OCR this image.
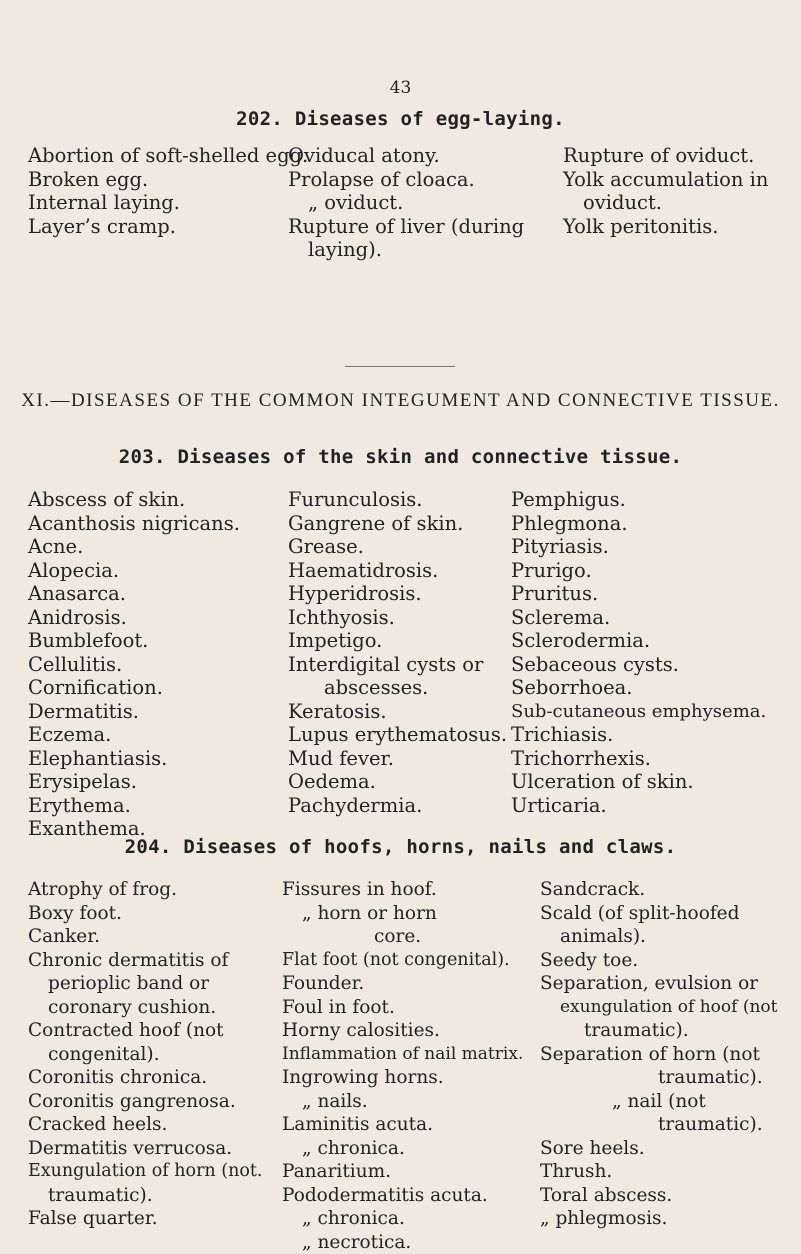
43
202. Diseases of egg-laying.
Abortion of soft-shelled egg.
Broken egg.
Internal laying.
Layer’s cramp.
Oviducal atony.
Prolapse of cloaca.
„ oviduct.
Rupture of liver (during
laying).
Rupture of oviduct.
Yolk accumulation in
oviduct.
Yolk peritonitis.
XI.—DISEASES OF THE COMMON INTEGUMENT AND CONNECTIVE TISSUE.
203. Diseases of the skin and connective tissue.
Abscess of skin.
Acanthosis nigricans.
Acne.
Alopecia.
Anasarca.
Anidrosis.
Bumblefoot.
Cellulitis.
Cornification.
Dermatitis.
Eczema.
Elephantiasis.
Erysipelas.
Erythema.
Exanthema.
Furunculosis.
Gangrene of skin.
Grease.
Haematidrosis.
Hyperidrosis.
Ichthyosis.
Impetigo.
Interdigital cysts or
abscesses.
Keratosis.
Lupus erythematosus.
Mud fever.
Oedema.
Pachydermia.
Pemphigus.
Phlegmona.
Pityriasis.
Prurigo.
Pruritus.
Sclerema.
Sclerodermia.
Sebaceous cysts.
Seborrhoea.
Sub-cutaneous emphysema.
Trichiasis.
Trichorrhexis.
Ulceration of skin.
Urticaria.
204. Diseases of hoofs, horns, nails and claws.
Atrophy of frog.
Boxy foot.
Canker.
Chronic dermatitis of
perioplic band or
coronary cushion.
Contracted hoof (not
congenital).
Coronitis chronica.
Coronitis gangrenosa.
Cracked heels.
Dermatitis verrucosa.
Exungulation of horn (not.
traumatic).
False quarter.
Fissures in hoof.
„ horn or horn
core.
Flat foot (not congenital).
Founder.
Foul in foot.
Horny calosities.
Inflammation of nail matrix.
Ingrowing horns.
„ nails.
Laminitis acuta.
„ chronica.
Panaritium.
Pododermatitis acuta.
„ chronica.
„ necrotica.
Sandcrack.
Scald (of split-hoofed
animals).
Seedy toe.
Separation, evulsion or
exungulation of hoof (not
traumatic).
Separation of horn (not
traumatic).
„ nail (not
traumatic).
Sore heels.
Thrush.
Toral abscess.
„ phlegmosis.
